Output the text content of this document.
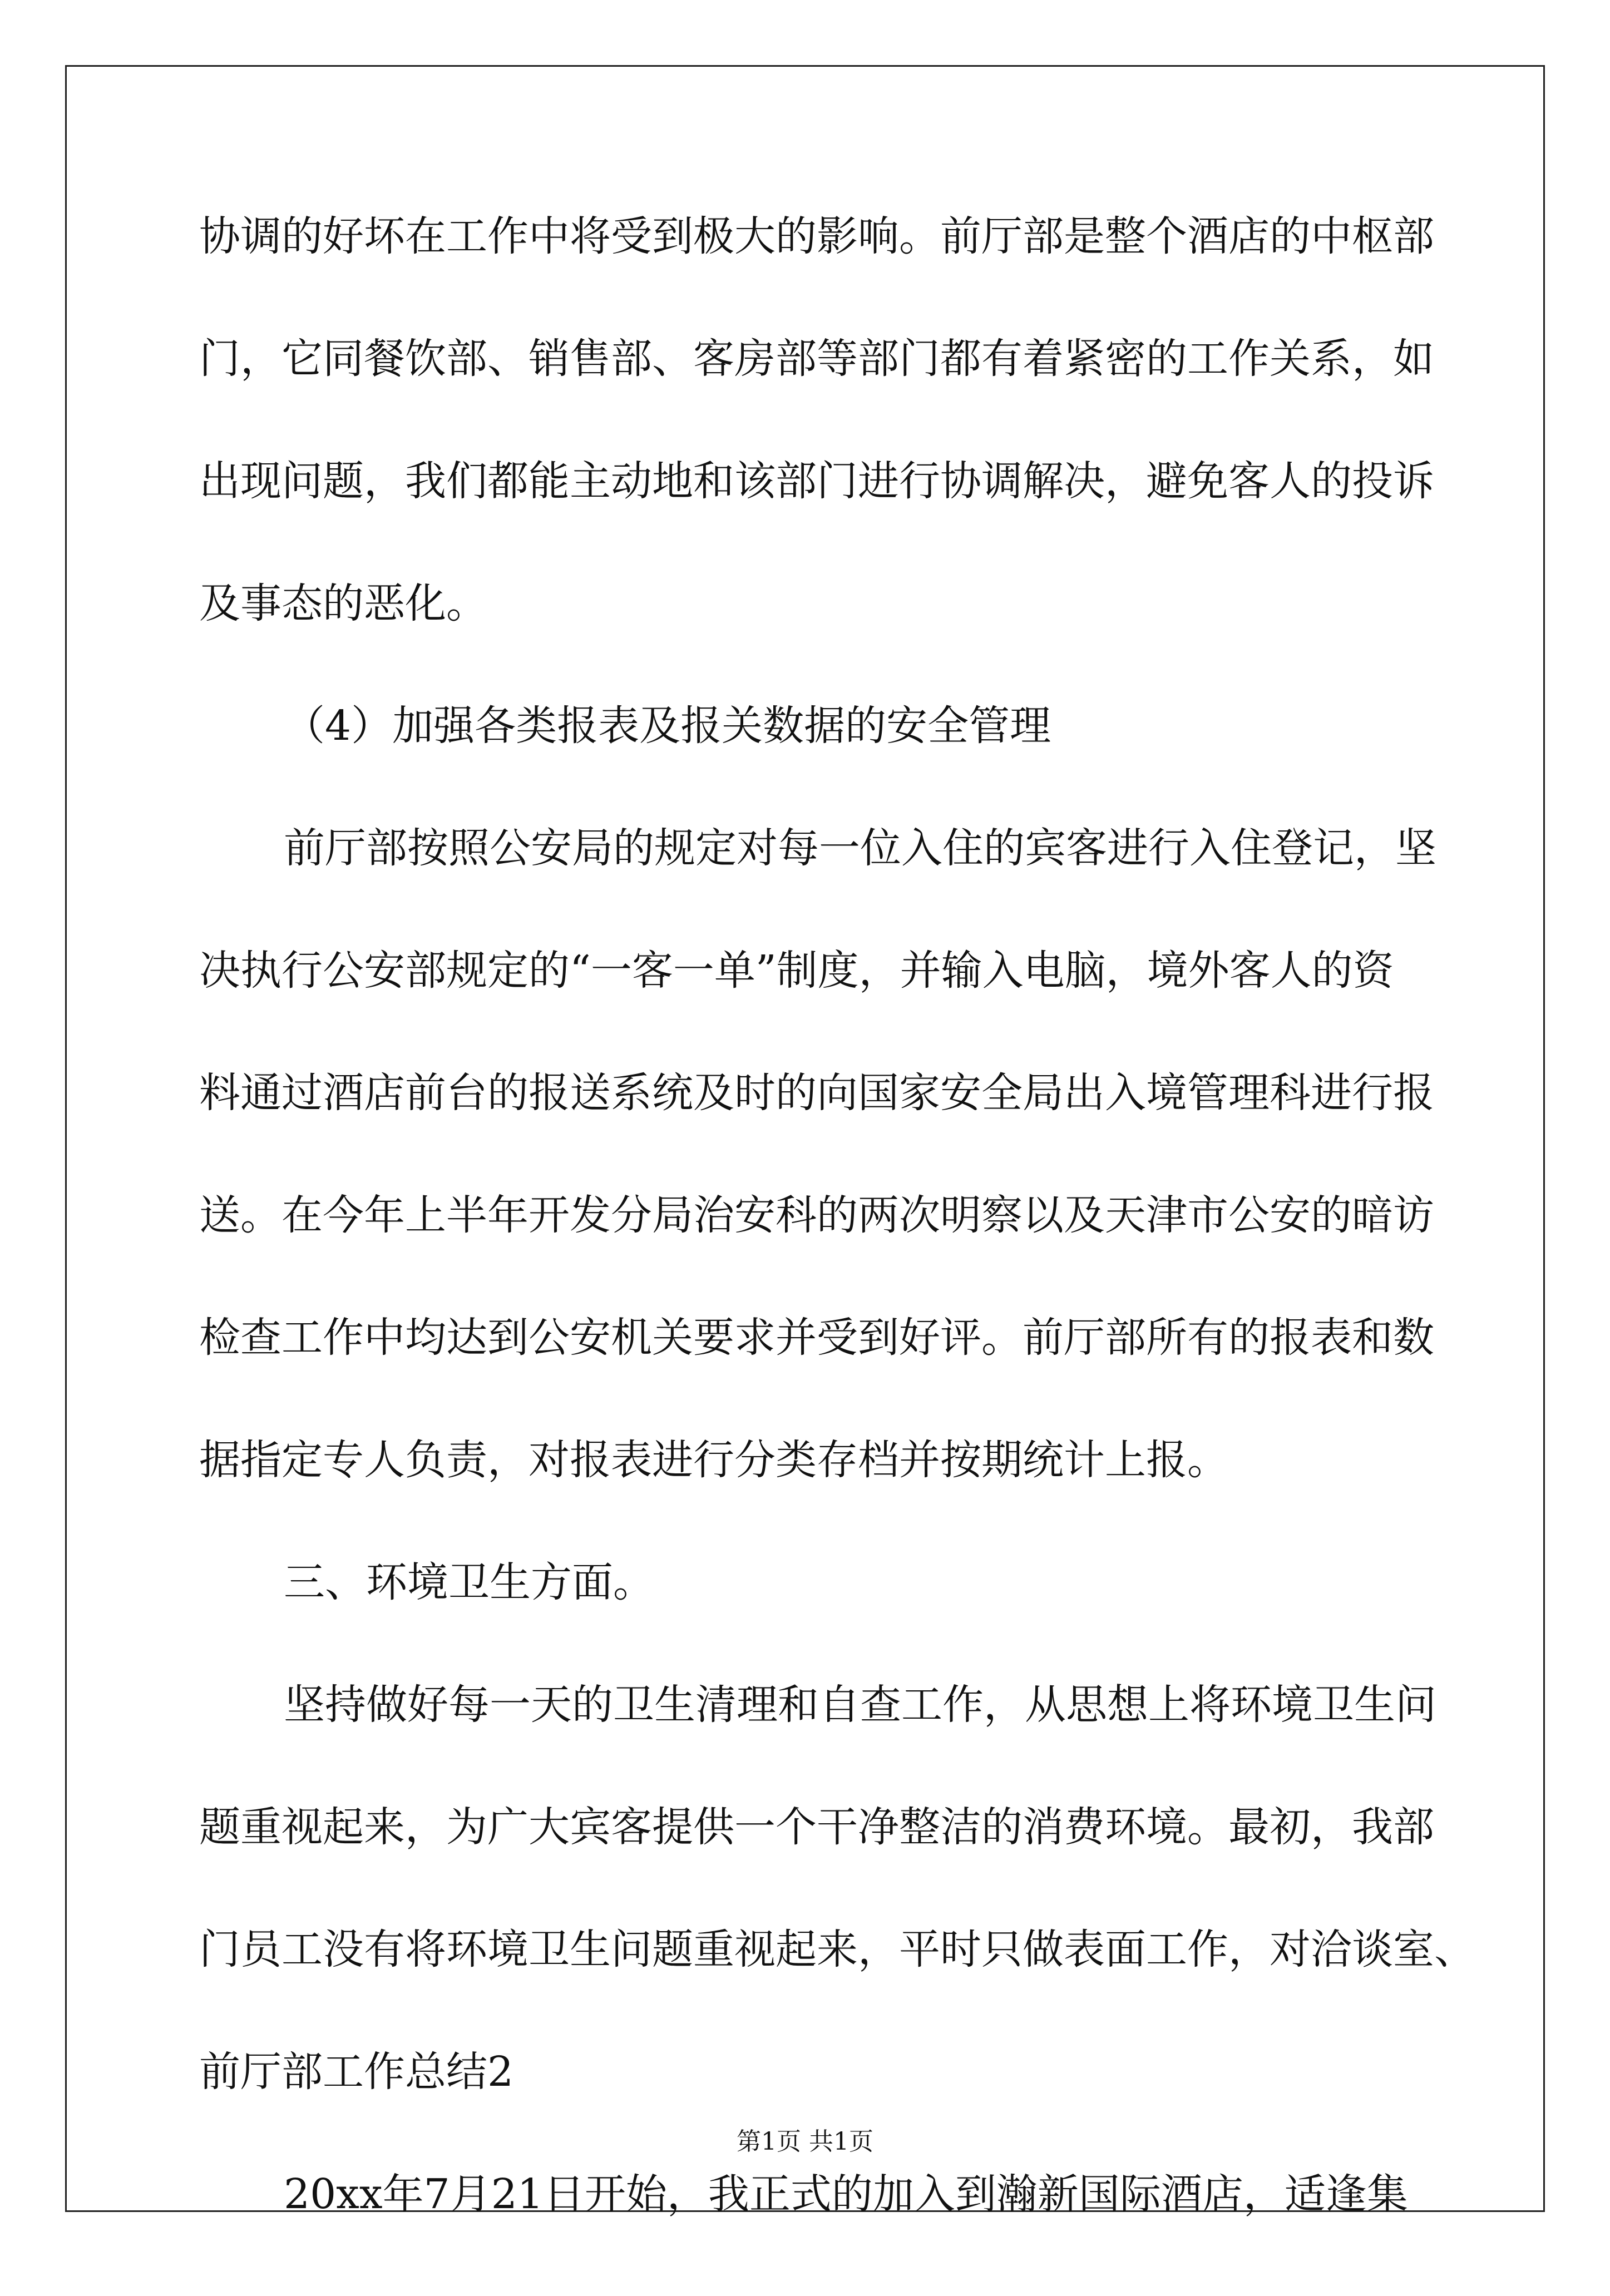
协调的好坏在工作中将受到极大的影响。前厅部是整个酒店的中枢部
门，它同餐饮部、销售部、客房部等部门都有着紧密的工作关系，如
出现问题，我们都能主动地和该部门进行协调解决，避免客人的投诉
及事态的恶化。
（4）加强各类报表及报关数据的安全管理
前厅部按照公安局的规定对每一位入住的宾客进行入住登记，坚
决执行公安部规定的“一客一单”制度，并输入电脑，境外客人的资
料通过酒店前台的报送系统及时的向国家安全局出入境管理科进行报
送。在今年上半年开发分局治安科的两次明察以及天津市公安的暗访
检查工作中均达到公安机关要求并受到好评。前厅部所有的报表和数
据指定专人负责，对报表进行分类存档并按期统计上报。
三、环境卫生方面。
坚持做好每一天的卫生清理和自查工作，从思想上将环境卫生问
题重视起来，为广大宾客提供一个干净整洁的消费环境。最初，我部
门员工没有将环境卫生问题重视起来，平时只做表面工作，对洽谈室、
前厅部工作总结2
20xx年7月21日开始，我正式的加入到瀚新国际酒店，适逢集
第1页 共1页
